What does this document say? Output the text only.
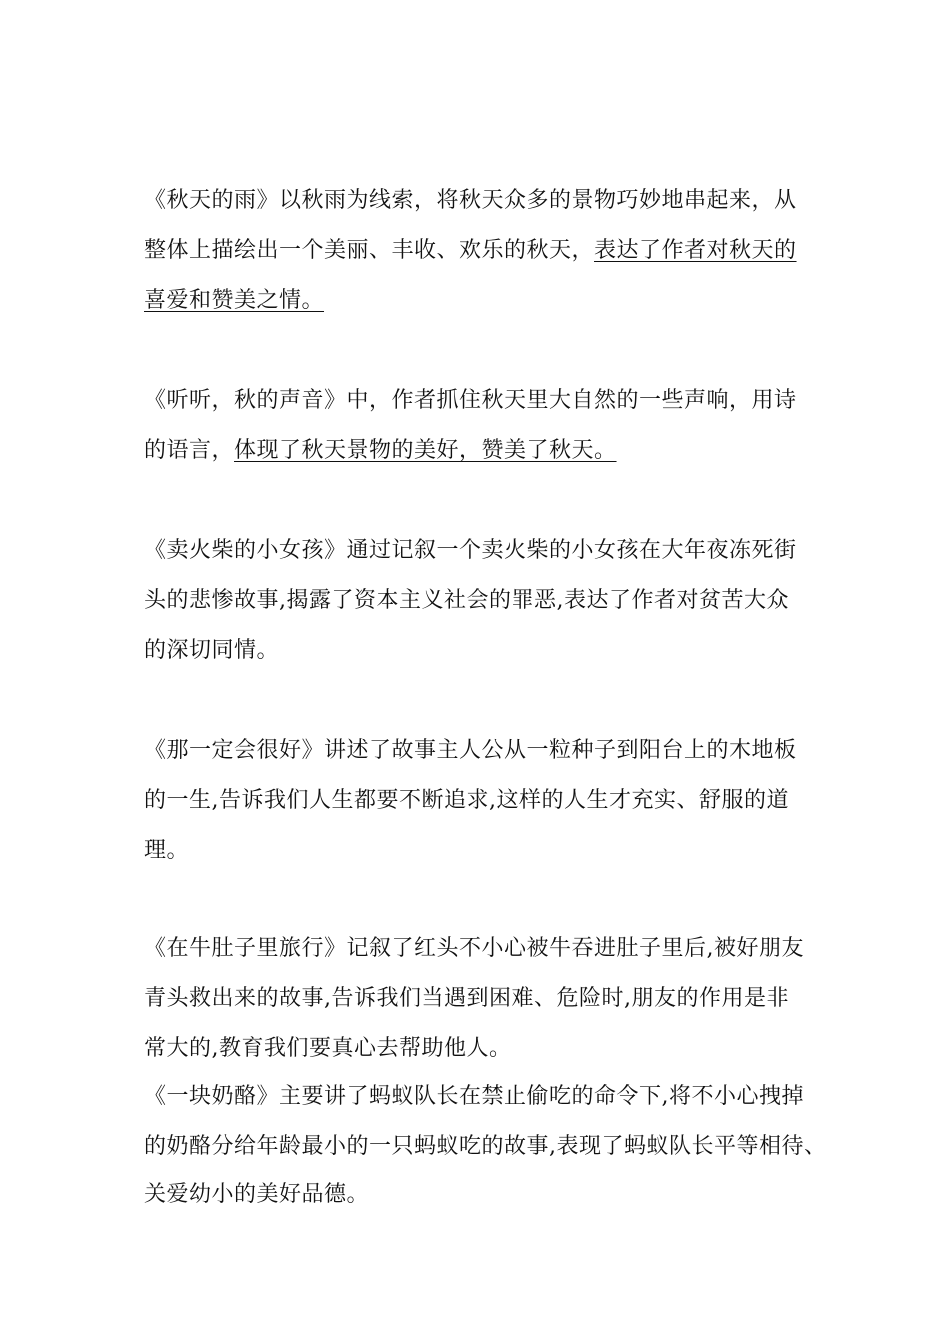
《秋天的雨》以秋雨为线索，将秋天众多的景物巧妙地串起来，从
整体上描绘出一个美丽、丰收、欢乐的秋天，表达了作者对秋天的
喜爱和赞美之情。
《听听，秋的声音》中，作者抓住秋天里大自然的一些声响，用诗
的语言，体现了秋天景物的美好，赞美了秋天。
《卖火柴的小女孩》通过记叙一个卖火柴的小女孩在大年夜冻死街
头的悲惨故事,揭露了资本主义社会的罪恶,表达了作者对贫苦大众
的深切同情。
《那一定会很好》讲述了故事主人公从一粒种子到阳台上的木地板
的一生,告诉我们人生都要不断追求,这样的人生才充实、舒服的道
理。
《在牛肚子里旅行》记叙了红头不小心被牛吞进肚子里后,被好朋友
青头救出来的故事,告诉我们当遇到困难、危险时,朋友的作用是非
常大的,教育我们要真心去帮助他人。
《一块奶酪》主要讲了蚂蚁队长在禁止偷吃的命令下,将不小心拽掉
的奶酪分给年龄最小的一只蚂蚁吃的故事,表现了蚂蚁队长平等相待、
关爱幼小的美好品德。
